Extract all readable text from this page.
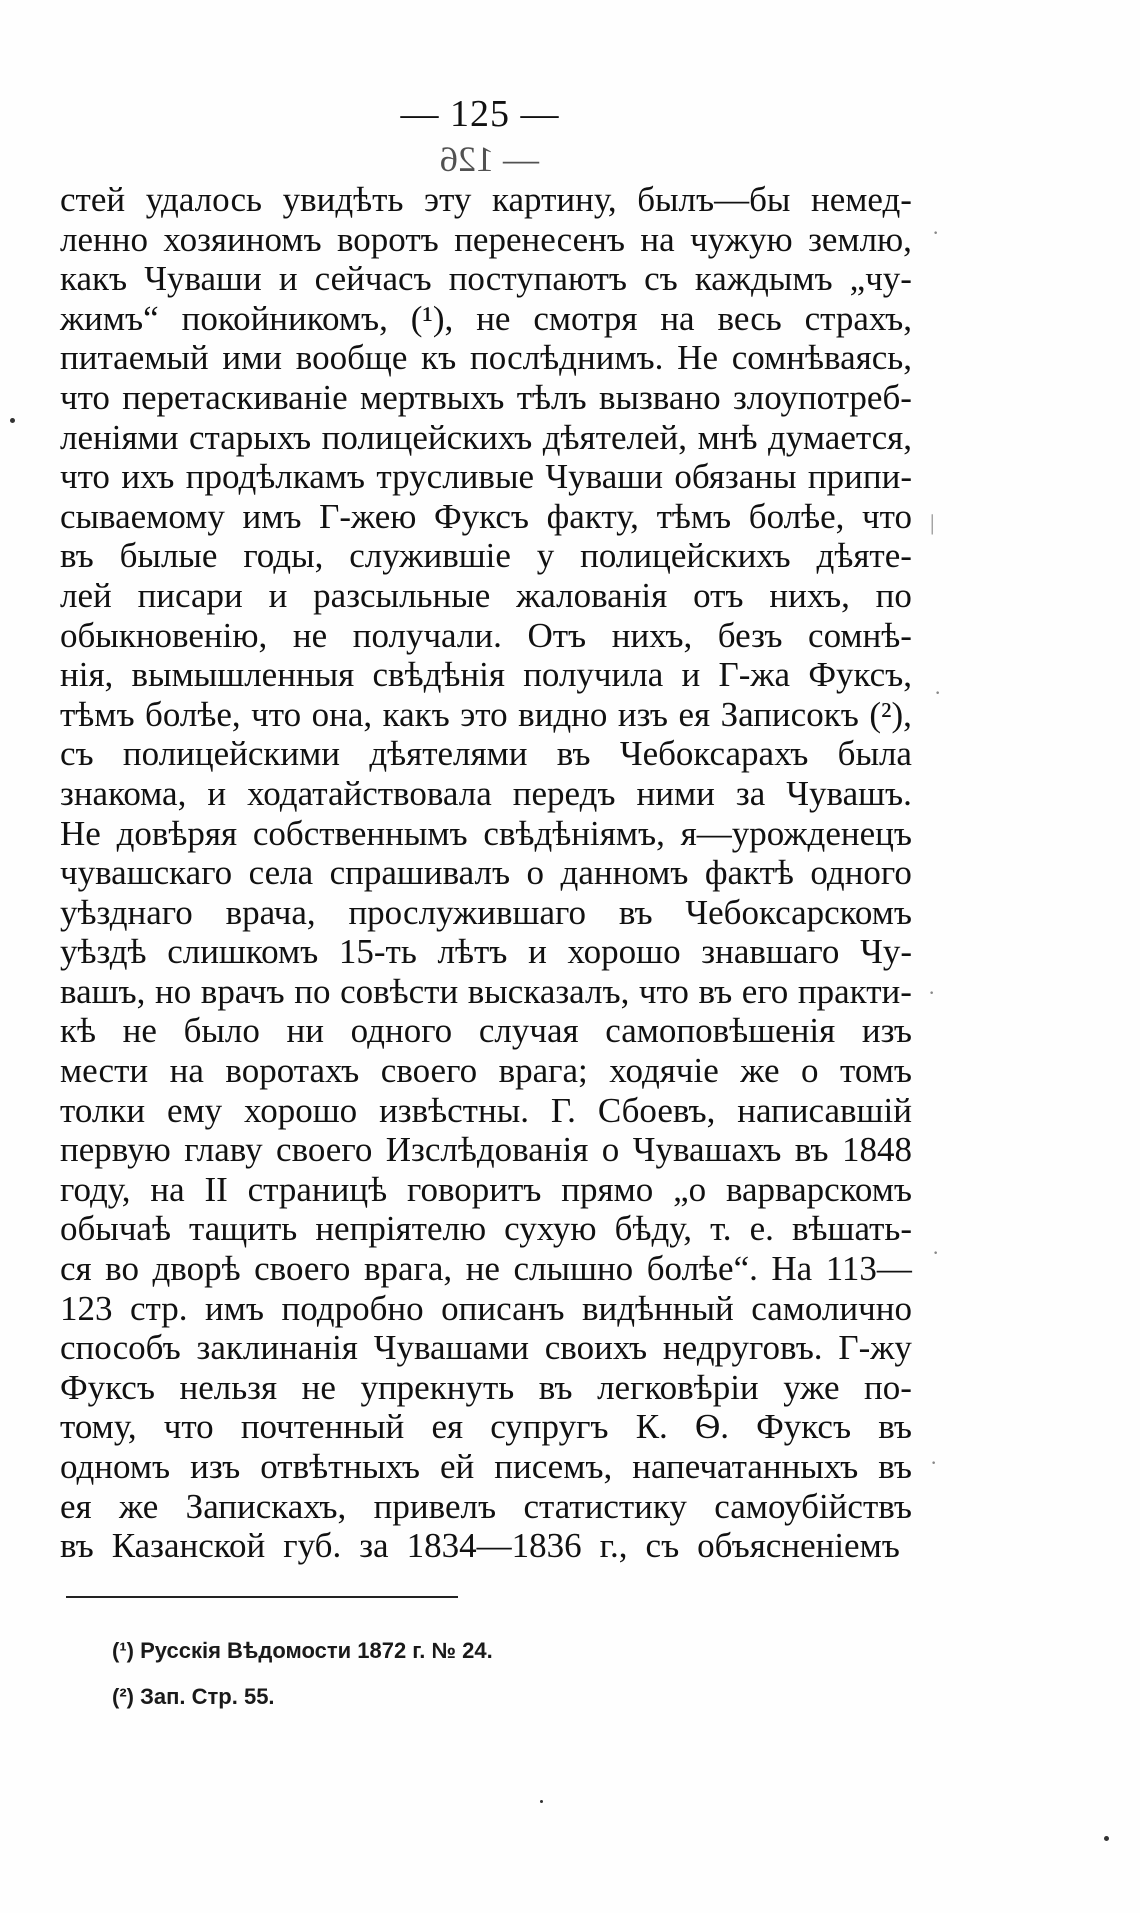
— 125 —
— 126
стей удалось увидѣть эту картину, былъ—бы немед-
ленно хозяиномъ воротъ перенесенъ на чужую землю,
какъ Чуваши и сейчасъ поступаютъ съ каждымъ „чу-
жимъ“ покойникомъ, (¹), не смотря на весь страхъ,
питаемый ими вообще къ послѣднимъ. Не сомнѣваясь,
что перетаскиваніе мертвыхъ тѣлъ вызвано злоупотреб-
леніями старыхъ полицейскихъ дѣятелей, мнѣ думается,
что ихъ продѣлкамъ трусливые Чуваши обязаны припи-
сываемому имъ Г-жею Фуксъ факту, тѣмъ болѣе, что
въ былые годы, служившіе у полицейскихъ дѣяте-
лей писари и разсыльные жалованія отъ нихъ, по
обыкновенію, не получали. Отъ нихъ, безъ сомнѣ-
нія, вымышленныя свѣдѣнія получила и Г-жа Фуксъ,
тѣмъ болѣе, что она, какъ это видно изъ ея Записокъ (²),
съ полицейскими дѣятелями въ Чебоксарахъ была
знакома, и ходатайствовала передъ ними за Чувашъ.
Не довѣряя собственнымъ свѣдѣніямъ, я—урожденецъ
чувашскаго села спрашивалъ о данномъ фактѣ одного
уѣзднаго врача, прослужившаго въ Чебоксарскомъ
уѣздѣ слишкомъ 15-ть лѣтъ и хорошо знавшаго Чу-
вашъ, но врачъ по совѣсти высказалъ, что въ его практи-
кѣ не было ни одного случая самоповѣшенія изъ
мести на воротахъ своего врага; ходячіе же о томъ
толки ему хорошо извѣстны. Г. Сбоевъ, написавшій
первую главу своего Изслѣдованія о Чувашахъ въ 1848
году, на II страницѣ говоритъ прямо „о варварскомъ
обычаѣ тащить непріятелю сухую бѣду, т. е. вѣшать-
ся во дворѣ своего врага, не слышно болѣе“. На 113—
123 стр. имъ подробно описанъ видѣнный самолично
способъ заклинанія Чувашами своихъ недруговъ. Г-жу
Фуксъ нельзя не упрекнуть въ легковѣріи уже по-
тому, что почтенный ея супругъ К. Ѳ. Фуксъ въ
одномъ изъ отвѣтныхъ ей писемъ, напечатанныхъ въ
ея же Запискахъ, привелъ статистику самоубійствъ
въ Казанской губ. за 1834—1836 г., съ объясненіемъ
(¹) Русскія Вѣдомости 1872 г. № 24.
(²) Зап. Стр. 55.
·
|
·
·
·
·
